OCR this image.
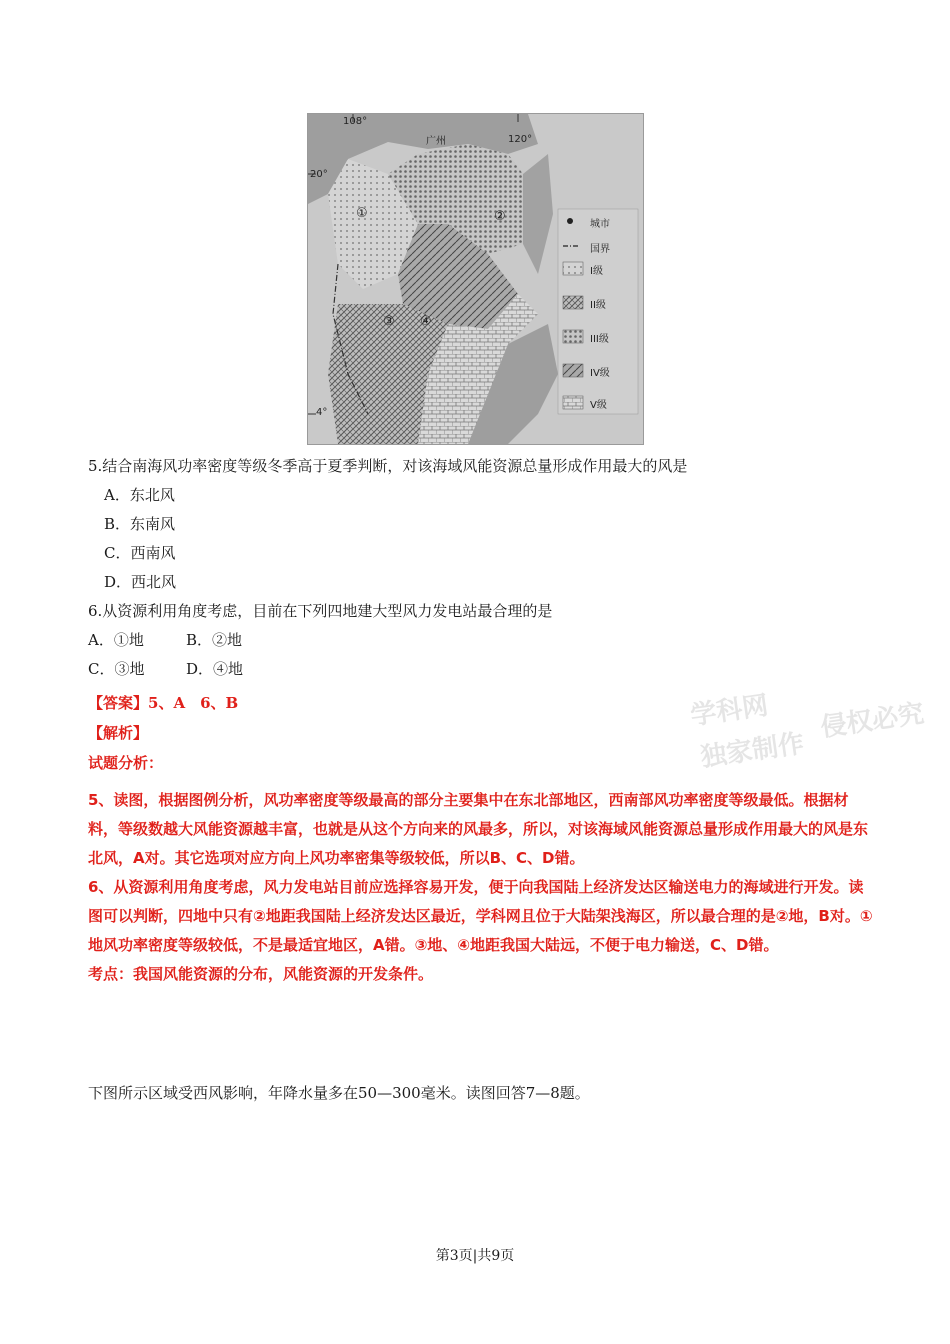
108°
120°
20°
4°
广州
①	②
③ ④
城市
国界
I级
II级
III级
IV级
V级
5.结合南海风功率密度等级冬季高于夏季判断，对该海域风能资源总量形成作用最大的风是
A．东北风
B．东南风
C．西南风
D．西北风
6.从资源利用角度考虑，目前在下列四地建大型风力发电站最合理的是
A．①地	B．②地
C．③地	D．④地
学科网
独家制作
侵权必究
【答案】5、A　6、B
【解析】
试题分析：

5、读图，根据图例分析，风功率密度等级最高的部分主要集中在东北部地区，西南部风功率密度等级最低。根据材料，等级数越大风能资源越丰富，也就是从这个方向来的风最多，所以，对该海域风能资源总量形成作用最大的风是东北风，A对。其它选项对应方向上风功率密集等级较低，所以B、C、D错。

6、从资源利用角度考虑，风力发电站目前应选择容易开发，便于向我国陆上经济发达区输送电力的海域进行开发。读图可以判断，四地中只有②地距我国陆上经济发达区最近，学科网且位于大陆架浅海区，所以最合理的是②地，B对。①地风功率密度等级较低，不是最适宜地区，A错。③地、④地距我国大陆远，不便于电力输送，C、D错。

考点：我国风能资源的分布，风能资源的开发条件。

下图所示区域受西风影响，年降水量多在50—300毫米。读图回答7—8题。
第3页|共9页
